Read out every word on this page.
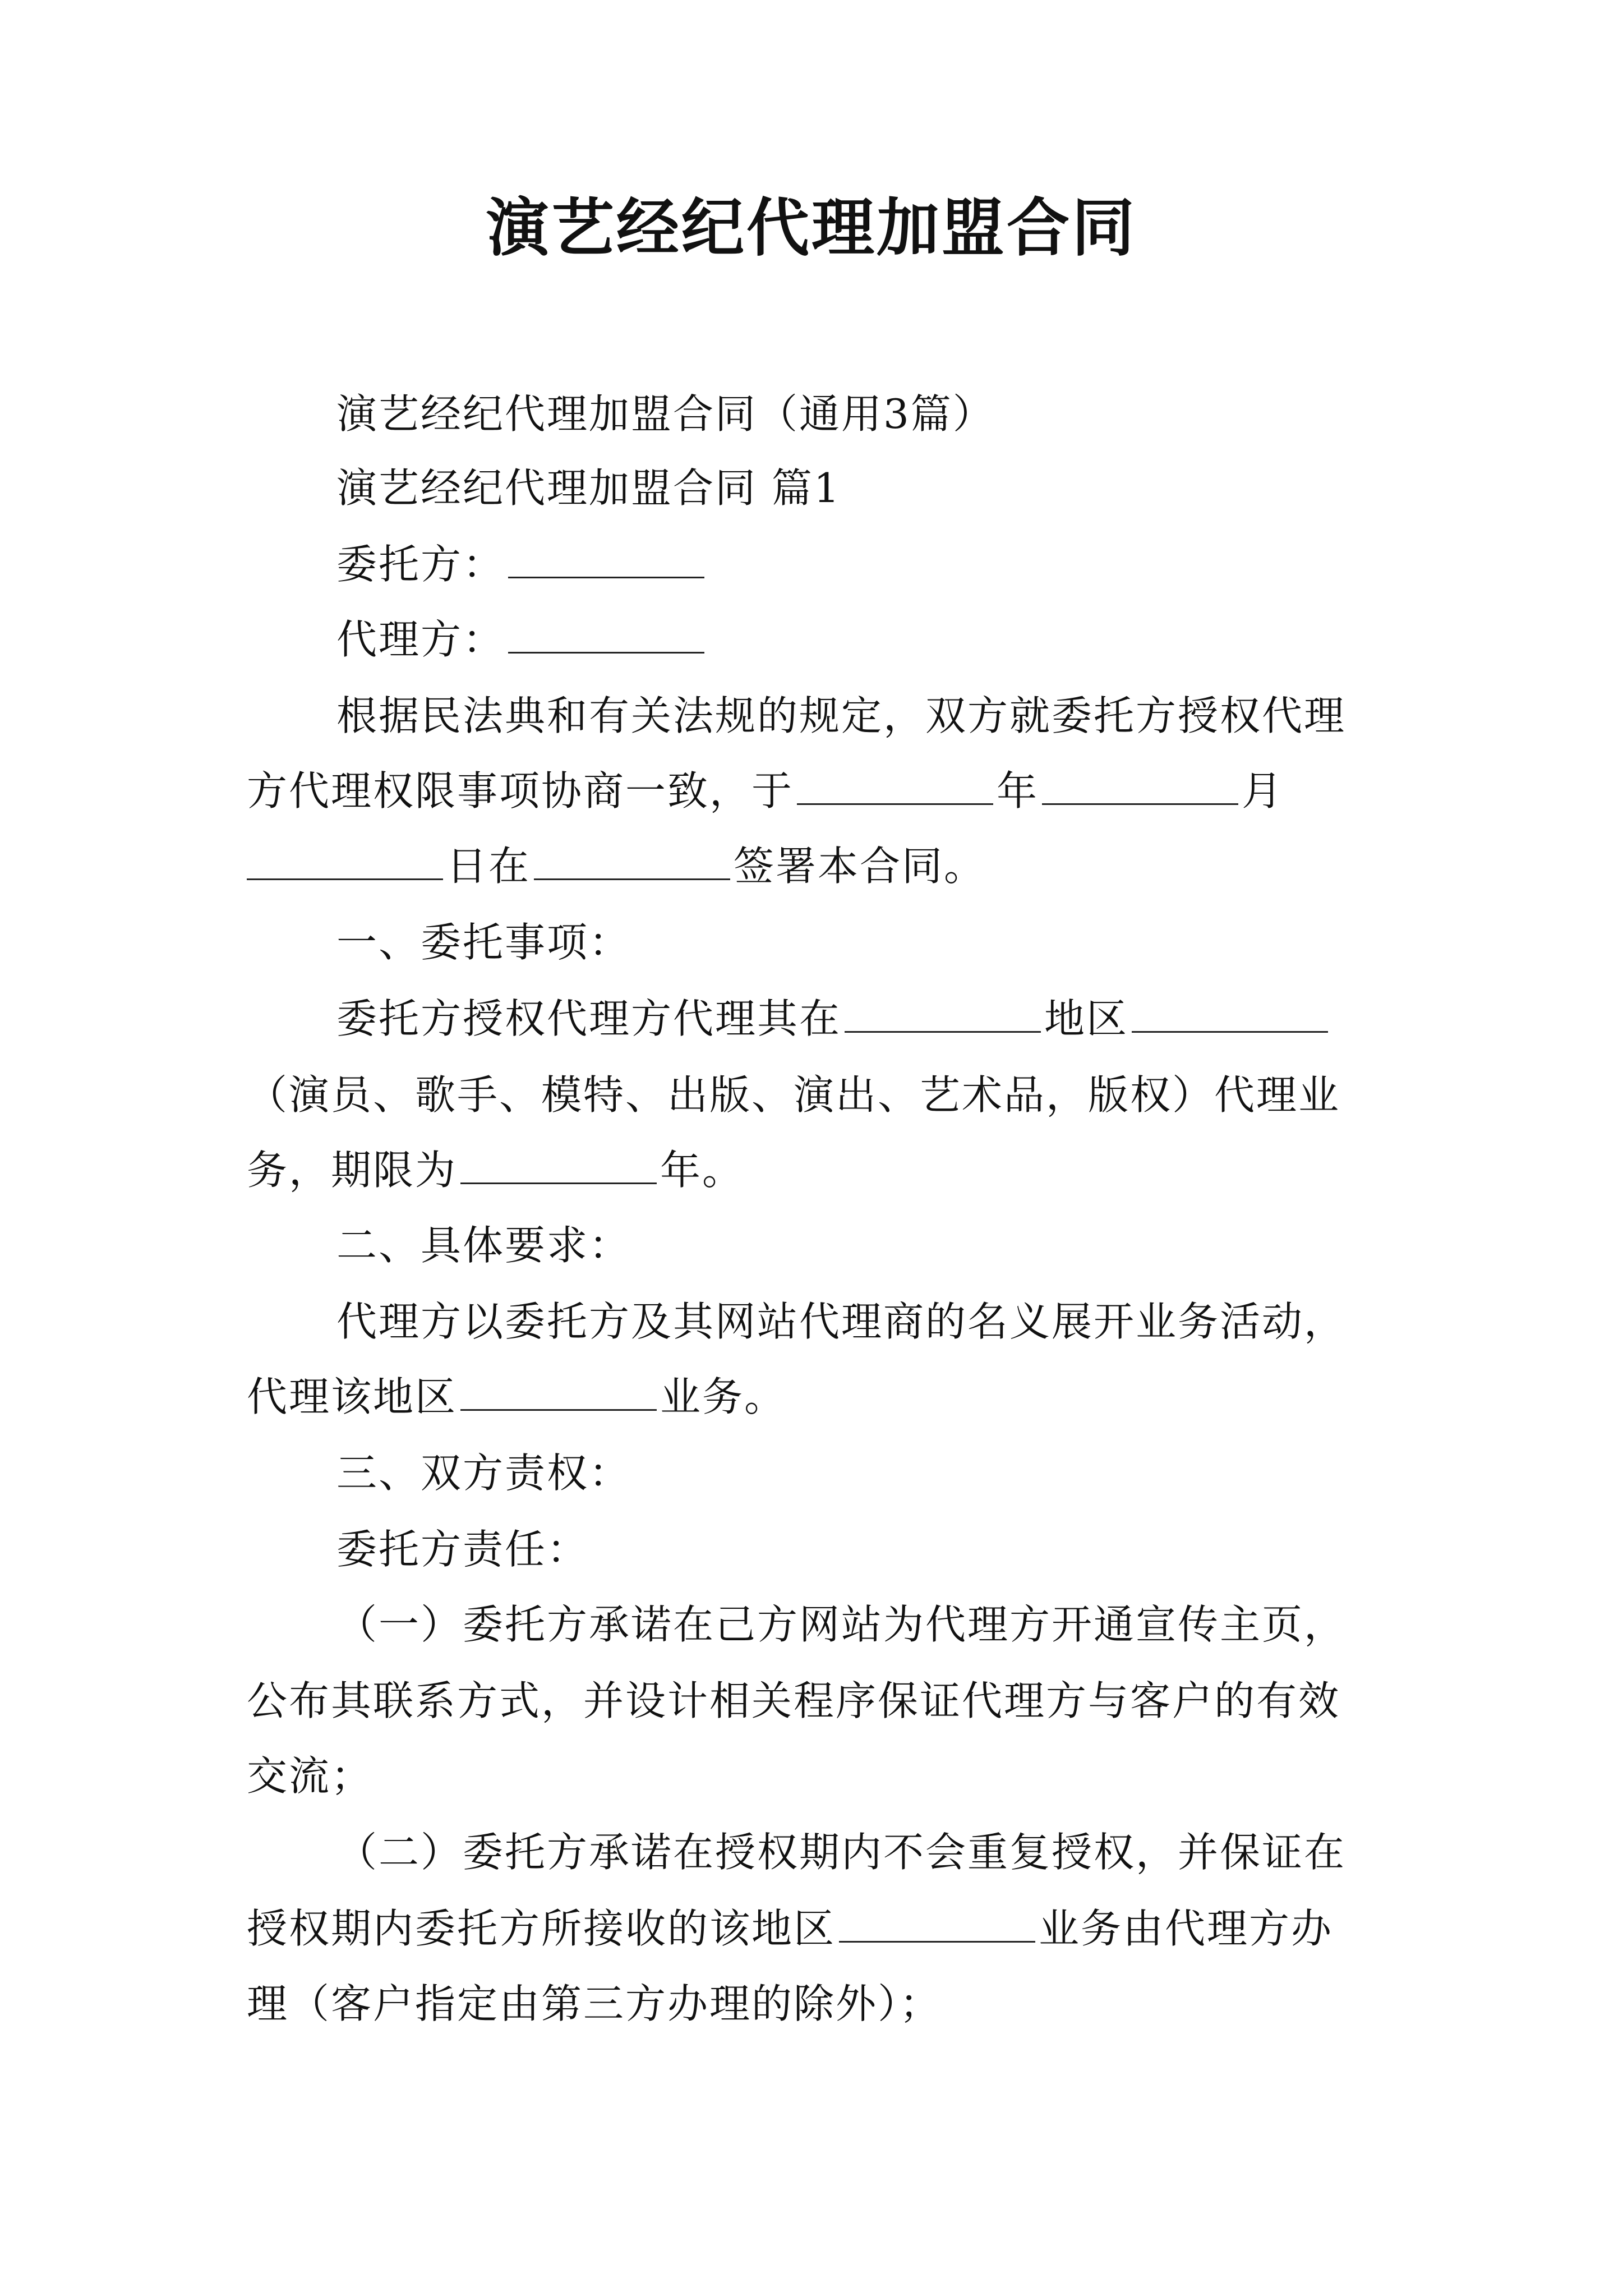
演艺经纪代理加盟合同
演艺经纪代理加盟合同（通用3篇）
演艺经纪代理加盟合同 篇1
委托方：
代理方：
根据民法典和有关法规的规定，双方就委托方授权代理
方代理权限事项协商一致，于	年	月
日在	签署本合同。
一、委托事项：
委托方授权代理方代理其在	地区
（演员、歌手、模特、出版、演出、艺术品，版权）代理业
务，期限为	年。
二、具体要求：
代理方以委托方及其网站代理商的名义展开业务活动，
代理该地区	业务。
三、双方责权：
委托方责任：
（一）委托方承诺在己方网站为代理方开通宣传主页，
公布其联系方式，并设计相关程序保证代理方与客户的有效
交流；
（二）委托方承诺在授权期内不会重复授权，并保证在
授权期内委托方所接收的该地区	业务由代理方办
理（客户指定由第三方办理的除外）；
